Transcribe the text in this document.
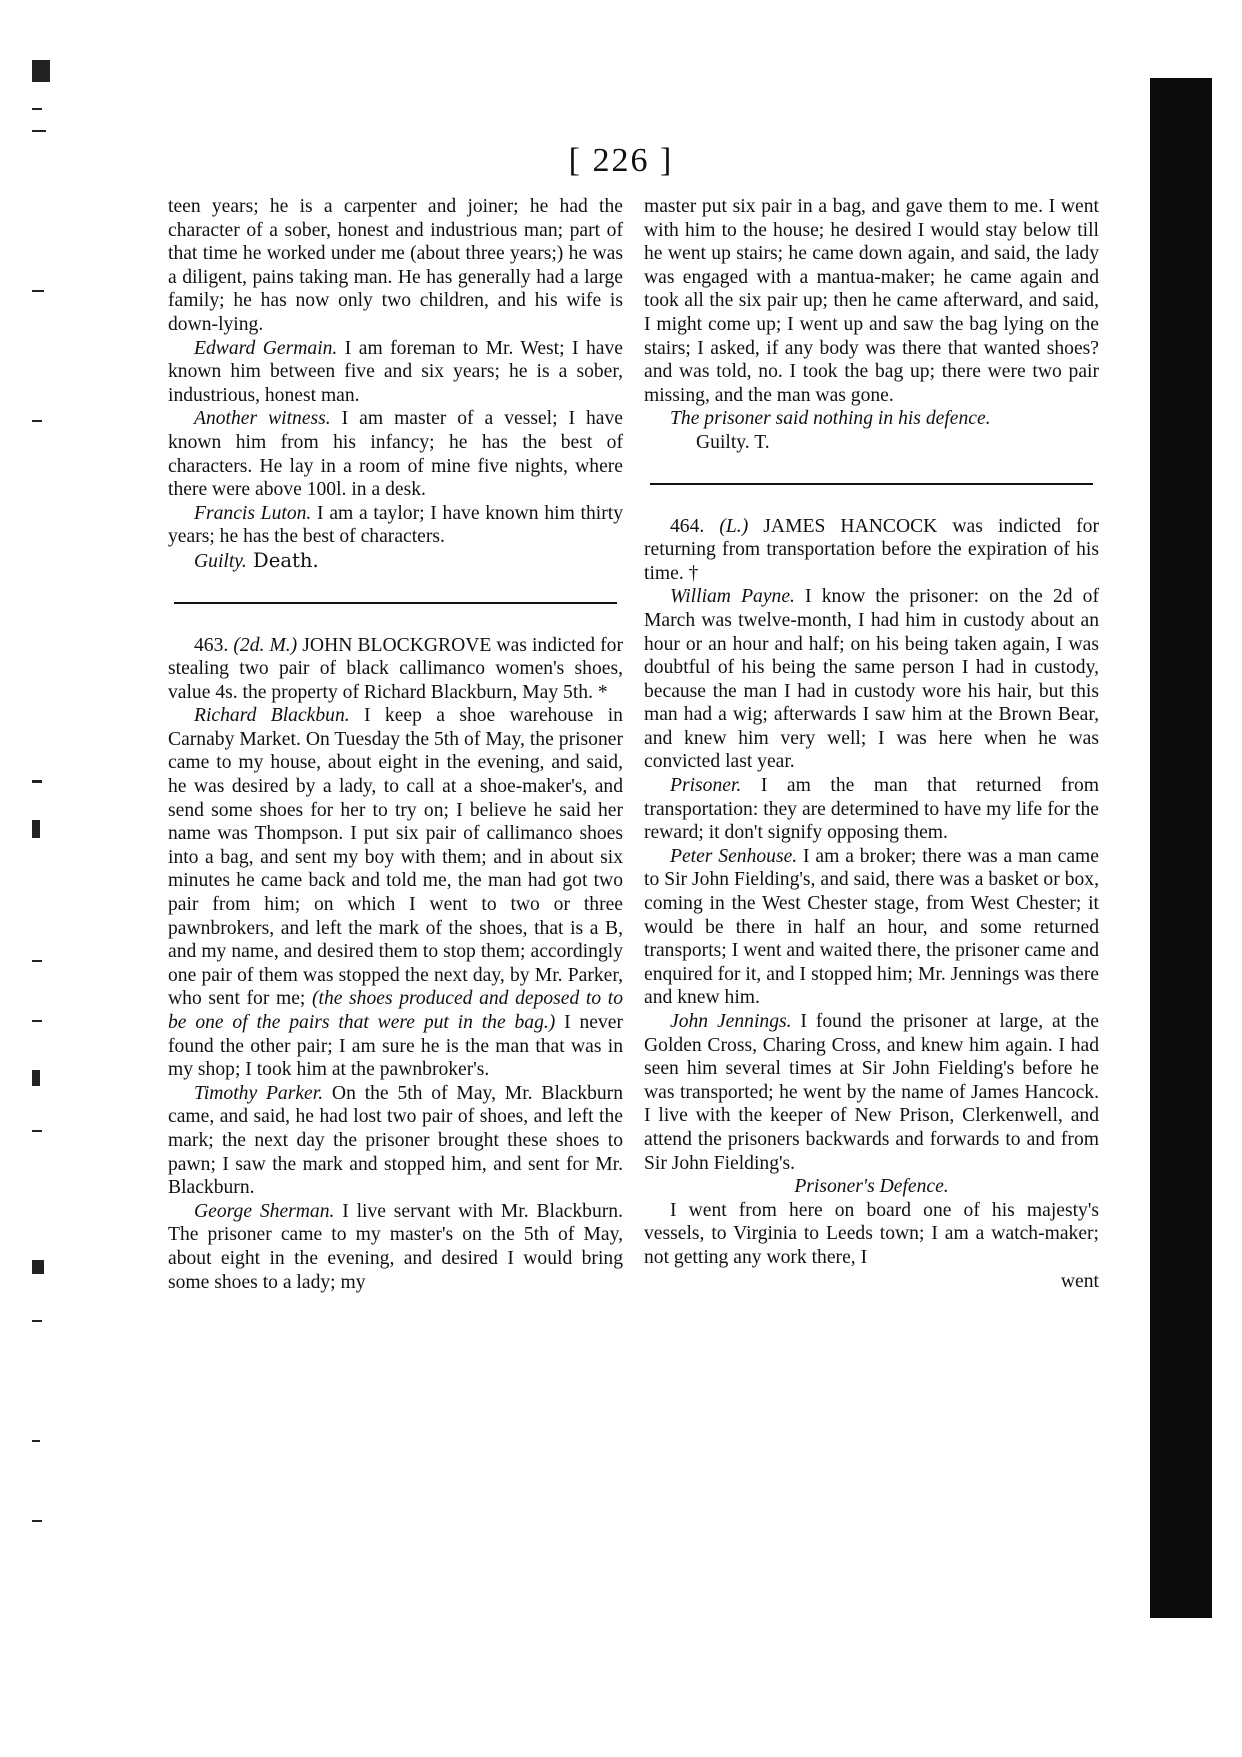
[ 226 ]

teen years; he is a carpenter and joiner; he had the character of a sober, honest and industrious man; part of that time he worked under me (about three years;) he was a diligent, pains taking man. He has generally had a large family; he has now only two children, and his wife is down-lying.

Edward Germain. I am foreman to Mr. West; I have known him between five and six years; he is a sober, industrious, honest man.

Another witness. I am master of a vessel; I have known him from his infancy; he has the best of characters. He lay in a room of mine five nights, where there were above 100l. in a desk.

Francis Luton. I am a taylor; I have known him thirty years; he has the best of characters.

Guilty. Death.

463. (2d. M.) JOHN BLOCKGROVE was indicted for stealing two pair of black callimanco women's shoes, value 4s. the property of Richard Blackburn, May 5th. *

Richard Blackbun. I keep a shoe warehouse in Carnaby Market. On Tuesday the 5th of May, the prisoner came to my house, about eight in the evening, and said, he was desired by a lady, to call at a shoe-maker's, and send some shoes for her to try on; I believe he said her name was Thompson. I put six pair of callimanco shoes into a bag, and sent my boy with them; and in about six minutes he came back and told me, the man had got two pair from him; on which I went to two or three pawnbrokers, and left the mark of the shoes, that is a B, and my name, and desired them to stop them; accordingly one pair of them was stopped the next day, by Mr. Parker, who sent for me; (the shoes produced and deposed to to be one of the pairs that were put in the bag.) I never found the other pair; I am sure he is the man that was in my shop; I took him at the pawnbroker's.

Timothy Parker. On the 5th of May, Mr. Blackburn came, and said, he had lost two pair of shoes, and left the mark; the next day the prisoner brought these shoes to pawn; I saw the mark and stopped him, and sent for Mr. Blackburn.

George Sherman. I live servant with Mr. Blackburn. The prisoner came to my master's on the 5th of May, about eight in the evening, and desired I would bring some shoes to a lady; my

master put six pair in a bag, and gave them to me. I went with him to the house; he desired I would stay below till he went up stairs; he came down again, and said, the lady was engaged with a mantua-maker; he came again and took all the six pair up; then he came afterward, and said, I might come up; I went up and saw the bag lying on the stairs; I asked, if any body was there that wanted shoes? and was told, no. I took the bag up; there were two pair missing, and the man was gone.

The prisoner said nothing in his defence.

Guilty. T.

464. (L.) JAMES HANCOCK was indicted for returning from transportation before the expiration of his time. †

William Payne. I know the prisoner: on the 2d of March was twelve-month, I had him in custody about an hour or an hour and half; on his being taken again, I was doubtful of his being the same person I had in custody, because the man I had in custody wore his hair, but this man had a wig; afterwards I saw him at the Brown Bear, and knew him very well; I was here when he was convicted last year.

Prisoner. I am the man that returned from transportation: they are determined to have my life for the reward; it don't signify opposing them.

Peter Senhouse. I am a broker; there was a man came to Sir John Fielding's, and said, there was a basket or box, coming in the West Chester stage, from West Chester; it would be there in half an hour, and some returned transports; I went and waited there, the prisoner came and enquired for it, and I stopped him; Mr. Jennings was there and knew him.

John Jennings. I found the prisoner at large, at the Golden Cross, Charing Cross, and knew him again. I had seen him several times at Sir John Fielding's before he was transported; he went by the name of James Hancock. I live with the keeper of New Prison, Clerkenwell, and attend the prisoners backwards and forwards to and from Sir John Fielding's.

Prisoner's Defence.

I went from here on board one of his majesty's vessels, to Virginia to Leeds town; I am a watch-maker; not getting any work there, I

went
